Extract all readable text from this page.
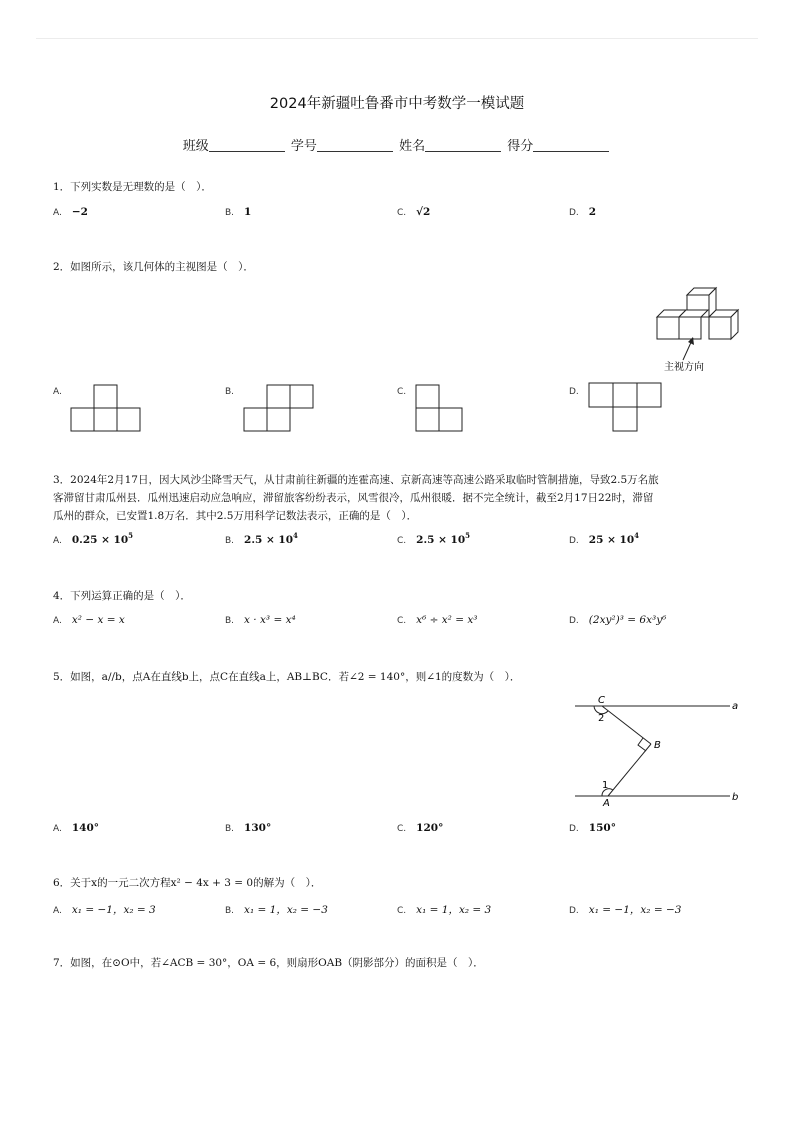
2024年新疆吐鲁番市中考数学一模试题
班级	学号	姓名	得分
1．下列实数是无理数的是（　）．
A. −2	B. 1	C. √2	D. 2
2．如图所示，该几何体的主视图是（　）．
主视方向
A.	B.	C.	D.
3．2024年2月17日，因大风沙尘降雪天气，从甘肃前往新疆的连霍高速、京新高速等高速公路采取临时管制措施，导致2.5万名旅
客滞留甘肃瓜州县．瓜州迅速启动应急响应，滞留旅客纷纷表示，风雪很冷，瓜州很暖．据不完全统计，截至2月17日22时，滞留
瓜州的群众，已安置1.8万名．其中2.5万用科学记数法表示，正确的是（　）．
A. $0.25 \times 10^5$
B. $2.5 \times 10^4$
C. $2.5 \times 10^5$
D. $25 \times 10^4$
4．下列运算正确的是（　）．
A. x² − x = x	B. x · x³ = x⁴	C. x⁶ ÷ x² = x³	D. (2xy²)³ = 6x³y⁶
5．如图，a//b，点A在直线b上，点C在直线a上，AB⊥BC．若∠2 = 140°，则∠1的度数为（　）．
C
a
2
B
1
A
b
A. 140°	B. 130°	C. 120°	D. 150°
6．关于x的一元二次方程x² − 4x + 3 = 0的解为（　）．
A. x₁ = −1，x₂ = 3	B. x₁ = 1，x₂ = −3	C. x₁ = 1，x₂ = 3	D. x₁ = −1，x₂ = −3
7．如图，在⊙O中，若∠ACB = 30°，OA = 6，则扇形OAB（阴影部分）的面积是（　）．
